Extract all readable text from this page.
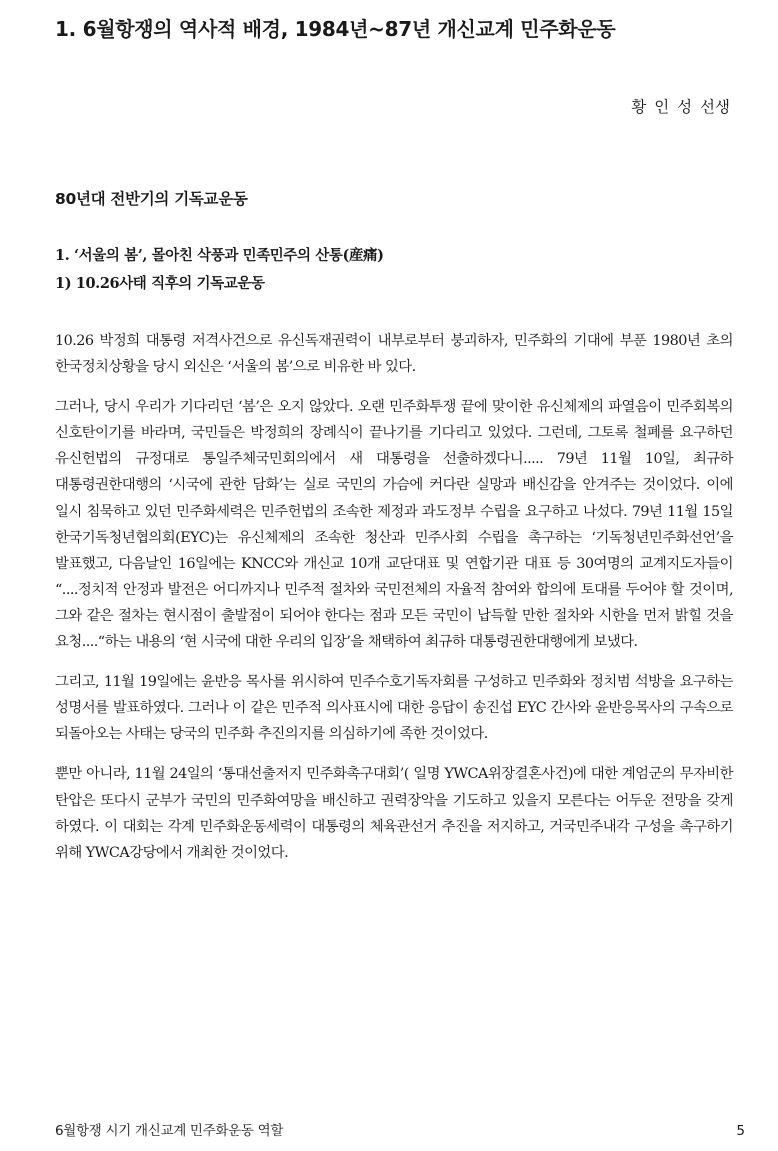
1. 6월항쟁의 역사적 배경, 1984년~87년 개신교계 민주화운동

황 인 성 선생

80년대 전반기의 기독교운동
1. ‘서울의 봄’, 몰아친 삭풍과 민족민주의 산통(産痛)
1) 10.26사태 직후의 기독교운동

10.26 박정희 대통령 저격사건으로 유신독재권력이 내부로부터 붕괴하자, 민주화의 기대에 부푼 1980년 초의 한국정치상황을 당시 외신은 ‘서울의 봄’으로 비유한 바 있다.

그러나, 당시 우리가 기다리던 ‘봄’은 오지 않았다. 오랜 민주화투쟁 끝에 맞이한 유신체제의 파열음이 민주회복의 신호탄이기를 바라며, 국민들은 박정희의 장례식이 끝나기를 기다리고 있었다. 그런데, 그토록 철폐를 요구하던 유신헌법의 규정대로 통일주체국민회의에서 새 대통령을 선출하겠다니..... 79년 11월 10일, 최규하 대통령권한대행의 ‘시국에 관한 담화’는 실로 국민의 가슴에 커다란 실망과 배신감을 안겨주는 것이었다. 이에 일시 침묵하고 있던 민주화세력은 민주헌법의 조속한 제정과 과도정부 수립을 요구하고 나섰다. 79년 11월 15일 한국기독청년협의회(EYC)는 유신체제의 조속한 청산과 민주사회 수립을 촉구하는 ‘기독청년민주화선언’을 발표했고, 다음날인 16일에는 KNCC와 개신교 10개 교단대표 및 연합기관 대표 등 30여명의 교계지도자들이 “....정치적 안정과 발전은 어디까지나 민주적 절차와 국민전체의 자율적 참여와 합의에 토대를 두어야 할 것이며, 그와 같은 절차는 현시점이 출발점이 되어야 한다는 점과 모든 국민이 납득할 만한 절차와 시한을 먼저 밝힐 것을 요청....“하는 내용의 ‘현 시국에 대한 우리의 입장’을 채택하여 최규하 대통령권한대행에게 보냈다.

그리고, 11월 19일에는 윤반응 목사를 위시하여 민주수호기독자회를 구성하고 민주화와 정치범 석방을 요구하는 성명서를 발표하였다. 그러나 이 같은 민주적 의사표시에 대한 응답이 송진섭 EYC 간사와 윤반응목사의 구속으로 되돌아오는 사태는 당국의 민주화 추진의지를 의심하기에 족한 것이었다.

뿐만 아니라, 11월 24일의 ‘통대선출저지 민주화촉구대회’( 일명 YWCA위장결혼사건)에 대한 계엄군의 무자비한 탄압은 또다시 군부가 국민의 민주화여망을 배신하고 권력장악을 기도하고 있을지 모른다는 어두운 전망을 갖게 하였다. 이 대회는 각계 민주화운동세력이 대통령의 체육관선거 추진을 저지하고, 거국민주내각 구성을 촉구하기 위해 YWCA강당에서 개최한 것이었다.

6월항쟁 시기 개신교계 민주화운동 역할	5
